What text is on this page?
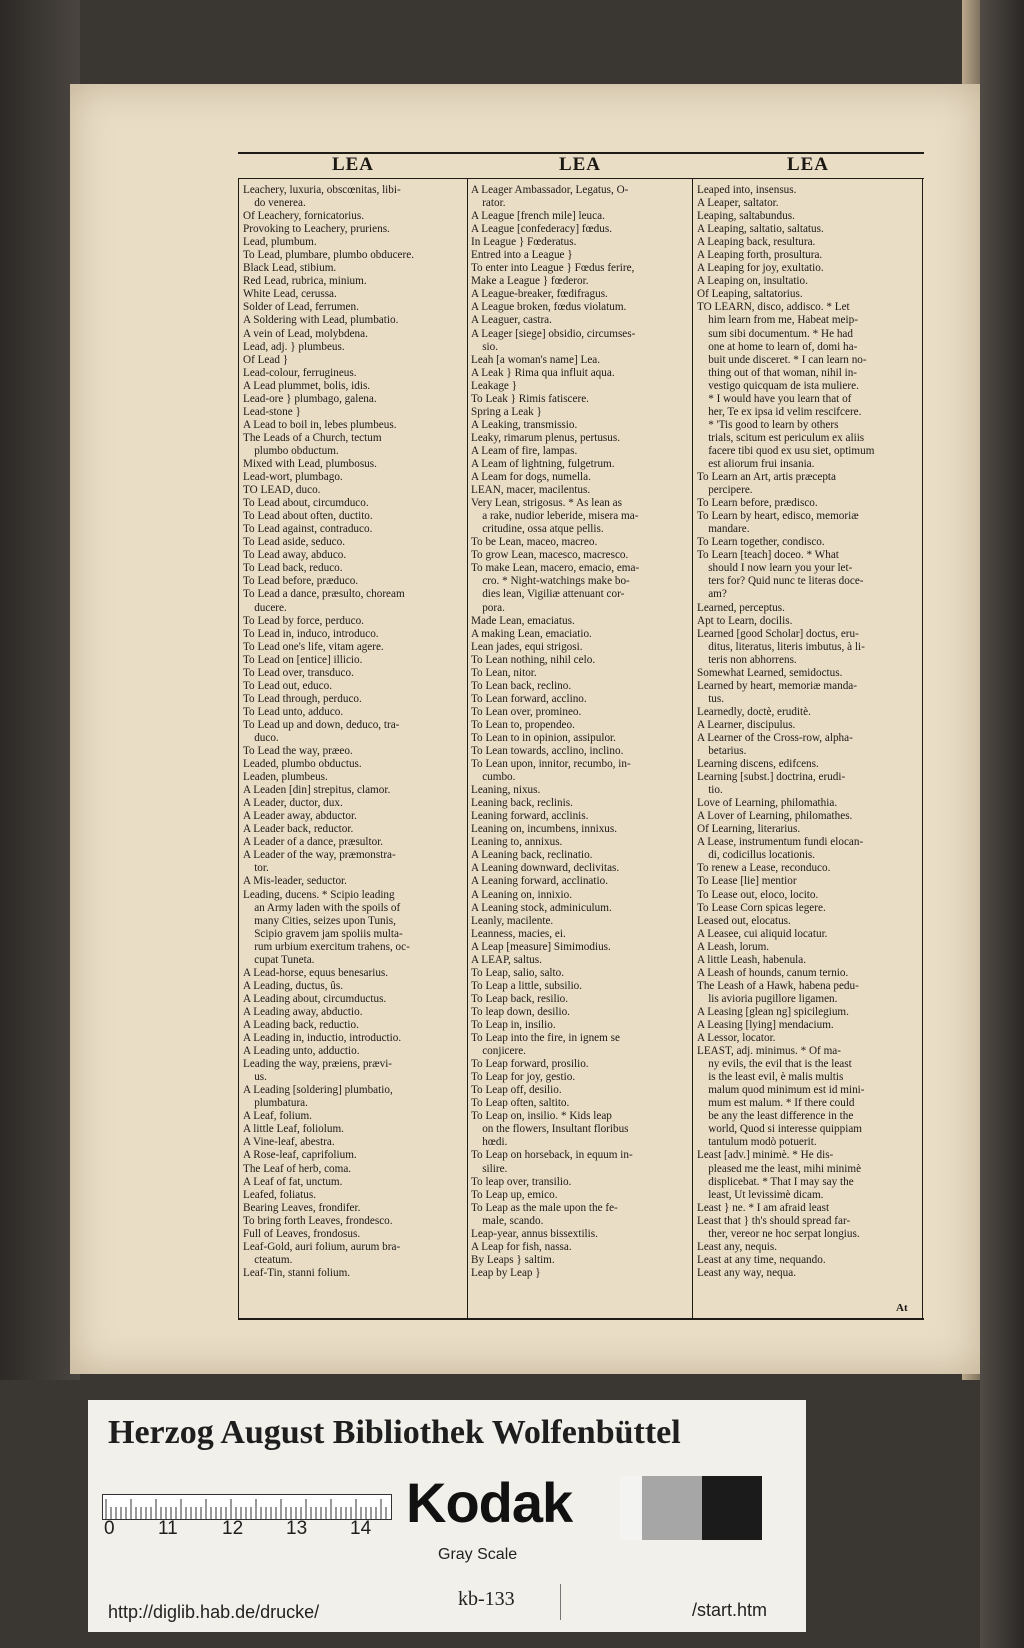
LEA	LEA	LEA
Leachery, luxuria, obscœnitas, libi-
 do venerea.
Of Leachery, fornicatorius.
Provoking to Leachery, pruriens.
Lead, plumbum.
To Lead, plumbare, plumbo obducere.
Black Lead, stibium.
Red Lead, rubrica, minium.
White Lead, cerussa.
Solder of Lead, ferrumen.
A Soldering with Lead, plumbatio.
A vein of Lead, molybdena.
Lead, adj. } plumbeus.
Of Lead }
Lead-colour, ferrugineus.
A Lead plummet, bolis, idis.
Lead-ore } plumbago, galena.
Lead-stone }
A Lead to boil in, lebes plumbeus.
The Leads of a Church, tectum
 plumbo obductum.
Mixed with Lead, plumbosus.
Lead-wort, plumbago.
TO LEAD, duco.
To Lead about, circumduco.
To Lead about often, ductito.
To Lead against, contraduco.
To Lead aside, seduco.
To Lead away, abduco.
To Lead back, reduco.
To Lead before, præduco.
To Lead a dance, præsulto, choream
 ducere.
To Lead by force, perduco.
To Lead in, induco, introduco.
To Lead one's life, vitam agere.
To Lead on [entice] illicio.
To Lead over, transduco.
To Lead out, educo.
To Lead through, perduco.
To Lead unto, adduco.
To Lead up and down, deduco, tra-
 duco.
To Lead the way, præeo.
Leaded, plumbo obductus.
Leaden, plumbeus.
A Leaden [din] strepitus, clamor.
A Leader, ductor, dux.
A Leader away, abductor.
A Leader back, reductor.
A Leader of a dance, præsultor.
A Leader of the way, præmonstra-
 tor.
A Mis-leader, seductor.
Leading, ducens. * Scipio leading
 an Army laden with the spoils of
 many Cities, seizes upon Tunis,
 Scipio gravem jam spoliis multa-
 rum urbium exercitum trahens, oc-
 cupat Tuneta.
A Lead-horse, equus benesarius.
A Leading, ductus, ûs.
A Leading about, circumductus.
A Leading away, abductio.
A Leading back, reductio.
A Leading in, inductio, introductio.
A Leading unto, adductio.
Leading the way, præiens, prævi-
 us.
A Leading [soldering] plumbatio,
 plumbatura.
A Leaf, folium.
A little Leaf, foliolum.
A Vine-leaf, abestra.
A Rose-leaf, caprifolium.
The Leaf of herb, coma.
A Leaf of fat, unctum.
Leafed, foliatus.
Bearing Leaves, frondifer.
To bring forth Leaves, frondesco.
Full of Leaves, frondosus.
Leaf-Gold, auri folium, aurum bra-
 cteatum.
Leaf-Tin, stanni folium.
A Leager Ambassador, Legatus, O-
 rator.
A League [french mile] leuca.
A League [confederacy] fœdus.
In League } Fœderatus.
Entred into a League }
To enter into League } Fœdus ferire,
Make a League } fœderor.
A League-breaker, fœdifragus.
A League broken, fœdus violatum.
A Leaguer, castra.
A Leager [siege] obsidio, circumses-
 sio.
Leah [a woman's name] Lea.
A Leak } Rima qua influit aqua.
Leakage }
To Leak } Rimis fatiscere.
Spring a Leak }
A Leaking, transmissio.
Leaky, rimarum plenus, pertusus.
A Leam of fire, lampas.
A Leam of lightning, fulgetrum.
A Leam for dogs, numella.
LEAN, macer, macilentus.
Very Lean, strigosus. * As lean as
 a rake, nudior leberide, misera ma-
 critudine, ossa atque pellis.
To be Lean, maceo, macreo.
To grow Lean, macesco, macresco.
To make Lean, macero, emacio, ema-
 cro. * Night-watchings make bo-
 dies lean, Vigiliæ attenuant cor-
 pora.
Made Lean, emaciatus.
A making Lean, emaciatio.
Lean jades, equi strigosi.
To Lean nothing, nihil celo.
To Lean, nitor.
To Lean back, reclino.
To Lean forward, acclino.
To Lean over, promineo.
To Lean to, propendeo.
To Lean to in opinion, assipulor.
To Lean towards, acclino, inclino.
To Lean upon, innitor, recumbo, in-
 cumbo.
Leaning, nixus.
Leaning back, reclinis.
Leaning forward, acclinis.
Leaning on, incumbens, innixus.
Leaning to, annixus.
A Leaning back, reclinatio.
A Leaning downward, declivitas.
A Leaning forward, acclinatio.
A Leaning on, innixio.
A Leaning stock, adminiculum.
Leanly, macilente.
Leanness, macies, ei.
A Leap [measure] Simimodius.
A LEAP, saltus.
To Leap, salio, salto.
To Leap a little, subsilio.
To Leap back, resilio.
To leap down, desilio.
To Leap in, insilio.
To Leap into the fire, in ignem se
 conjicere.
To Leap forward, prosilio.
To Leap for joy, gestio.
To Leap off, desilio.
To Leap often, saltito.
To Leap on, insilio. * Kids leap
 on the flowers, Insultant floribus
 hœdi.
To Leap on horseback, in equum in-
 silire.
To leap over, transilio.
To Leap up, emico.
To Leap as the male upon the fe-
 male, scando.
Leap-year, annus bissextilis.
A Leap for fish, nassa.
By Leaps } saltim.
Leap by Leap }
Leaped into, insensus.
A Leaper, saltator.
Leaping, saltabundus.
A Leaping, saltatio, saltatus.
A Leaping back, resultura.
A Leaping forth, prosultura.
A Leaping for joy, exultatio.
A Leaping on, insultatio.
Of Leaping, saltatorius.
TO LEARN, disco, addisco. * Let
 him learn from me, Habeat meip-
 sum sibi documentum. * He had
 one at home to learn of, domi ha-
 buit unde disceret. * I can learn no-
 thing out of that woman, nihil in-
 vestigo quicquam de ista muliere.
 * I would have you learn that of
 her, Te ex ipsa id velim rescifcere.
 * 'Tis good to learn by others
 trials, scitum est periculum ex aliis
 facere tibi quod ex usu siet, optimum
 est aliorum frui insania.
To Learn an Art, artis præcepta
 percipere.
To Learn before, prædisco.
To Learn by heart, edisco, memoriæ
 mandare.
To Learn together, condisco.
To Learn [teach] doceo. * What
 should I now learn you your let-
 ters for? Quid nunc te literas doce-
 am?
Learned, perceptus.
Apt to Learn, docilis.
Learned [good Scholar] doctus, eru-
 ditus, literatus, literis imbutus, à li-
 teris non abhorrens.
Somewhat Learned, semidoctus.
Learned by heart, memoriæ manda-
 tus.
Learnedly, doctè, eruditè.
A Learner, discipulus.
A Learner of the Cross-row, alpha-
 betarius.
Learning discens, edifcens.
Learning [subst.] doctrina, erudi-
 tio.
Love of Learning, philomathia.
A Lover of Learning, philomathes.
Of Learning, literarius.
A Lease, instrumentum fundi elocan-
 di, codicillus locationis.
To renew a Lease, reconduco.
To Lease [lie] mentior
To Lease out, eloco, locito.
To Lease Corn spicas legere.
Leased out, elocatus.
A Leasee, cui aliquid locatur.
A Leash, lorum.
A little Leash, habenula.
A Leash of hounds, canum ternio.
The Leash of a Hawk, habena pedu-
 lis avioria pugillore ligamen.
A Leasing [glean ng] spicilegium.
A Leasing [lying] mendacium.
A Lessor, locator.
LEAST, adj. minimus. * Of ma-
 ny evils, the evil that is the least
 is the least evil, è malis multis
 malum quod minimum est id mini-
 mum est malum. * If there could
 be any the least difference in the
 world, Quod si interesse quippiam
 tantulum modò potuerit.
Least [adv.] minimè. * He dis-
 pleased me the least, mihi minimè
 displicebat. * That I may say the
 least, Ut levissimè dicam.
Least } ne. * I am afraid least
Least that } th's should spread far-
 ther, vereor ne hoc serpat longius.
Least any, nequis.
Least at any time, nequando.
Least any way, nequa.
At
Herzog August Bibliothek Wolfenbüttel
0 11 12 13 14 Kodak
Gray Scale
kb-133
http://diglib.hab.de/drucke/	/start.htm
